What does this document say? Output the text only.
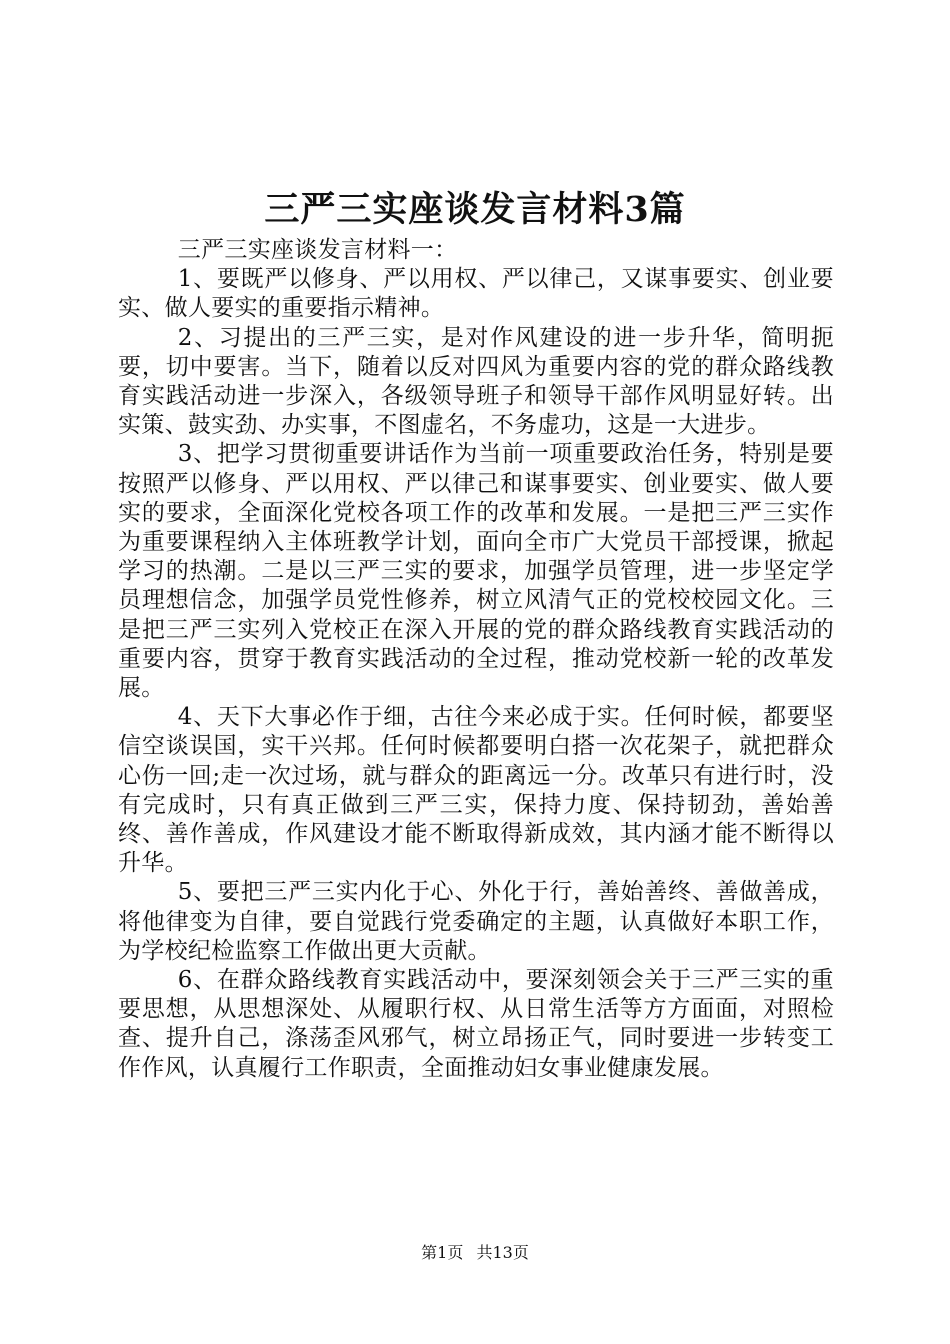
三严三实座谈发言材料3篇

三严三实座谈发言材料一：

1、要既严以修身、严以用权、严以律己，又谋事要实、创业要实、做人要实的重要指示精神。

2、习提出的三严三实，是对作风建设的进一步升华，简明扼要，切中要害。当下，随着以反对四风为重要内容的党的群众路线教育实践活动进一步深入，各级领导班子和领导干部作风明显好转。出实策、鼓实劲、办实事，不图虚名，不务虚功，这是一大进步。

3、把学习贯彻重要讲话作为当前一项重要政治任务，特别是要按照严以修身、严以用权、严以律己和谋事要实、创业要实、做人要实的要求，全面深化党校各项工作的改革和发展。一是把三严三实作为重要课程纳入主体班教学计划，面向全市广大党员干部授课，掀起学习的热潮。二是以三严三实的要求，加强学员管理，进一步坚定学员理想信念，加强学员党性修养，树立风清气正的党校校园文化。三是把三严三实列入党校正在深入开展的党的群众路线教育实践活动的重要内容，贯穿于教育实践活动的全过程，推动党校新一轮的改革发展。

4、天下大事必作于细，古往今来必成于实。任何时候，都要坚信空谈误国，实干兴邦。任何时候都要明白搭一次花架子，就把群众心伤一回;走一次过场，就与群众的距离远一分。改革只有进行时，没有完成时，只有真正做到三严三实，保持力度、保持韧劲，善始善终、善作善成，作风建设才能不断取得新成效，其内涵才能不断得以升华。

5、要把三严三实内化于心、外化于行，善始善终、善做善成，将他律变为自律，要自觉践行党委确定的主题，认真做好本职工作，为学校纪检监察工作做出更大贡献。

6、在群众路线教育实践活动中，要深刻领会关于三严三实的重要思想，从思想深处、从履职行权、从日常生活等方方面面，对照检查、提升自己，涤荡歪风邪气，树立昂扬正气，同时要进一步转变工作作风，认真履行工作职责，全面推动妇女事业健康发展。

第1页 共13页
